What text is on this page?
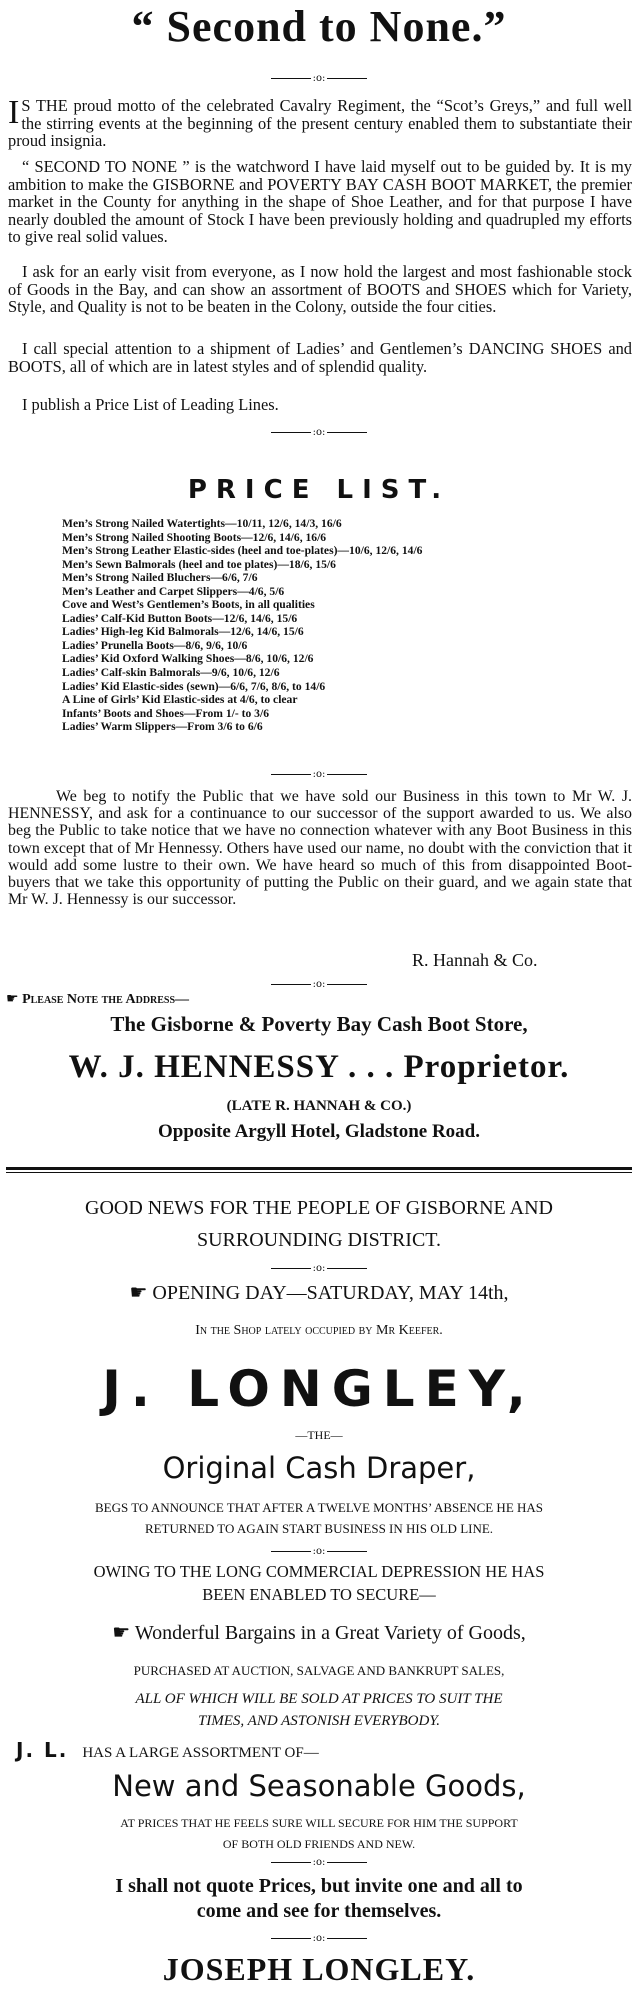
“ Second to None.”
:o:
I S THE proud motto of the celebrated Cavalry Regiment, the “Scot’s Greys,” and full well the stirring events at the beginning of the present century enabled them to substantiate their proud insignia.
“ SECOND TO NONE ” is the watchword I have laid myself out to be guided by. It is my ambition to make the GISBORNE and POVERTY BAY CASH BOOT MARKET, the premier market in the County for anything in the shape of Shoe Leather, and for that purpose I have nearly doubled the amount of Stock I have been previously holding and quadrupled my efforts to give real solid values.
I ask for an early visit from everyone, as I now hold the largest and most fashionable stock of Goods in the Bay, and can show an assortment of BOOTS and SHOES which for Variety, Style, and Quality is not to be beaten in the Colony, outside the four cities.
I call special attention to a shipment of Ladies’ and Gentlemen’s DANCING SHOES and BOOTS, all of which are in latest styles and of splendid quality.
I publish a Price List of Leading Lines.
:o:
PRICE LIST.
Men’s Strong Nailed Watertights—10/11, 12/6, 14/3, 16/6
Men’s Strong Nailed Shooting Boots—12/6, 14/6, 16/6
Men’s Strong Leather Elastic-sides (heel and toe-plates)—10/6, 12/6, 14/6
Men’s Sewn Balmorals (heel and toe plates)—18/6, 15/6
Men’s Strong Nailed Bluchers—6/6, 7/6
Men’s Leather and Carpet Slippers—4/6, 5/6
Cove and West’s Gentlemen’s Boots, in all qualities
Ladies’ Calf-Kid Button Boots—12/6, 14/6, 15/6
Ladies’ High-leg Kid Balmorals—12/6, 14/6, 15/6
Ladies’ Prunella Boots—8/6, 9/6, 10/6
Ladies’ Kid Oxford Walking Shoes—8/6, 10/6, 12/6
Ladies’ Calf-skin Balmorals—9/6, 10/6, 12/6
Ladies’ Kid Elastic-sides (sewn)—6/6, 7/6, 8/6, to 14/6
A Line of Girls’ Kid Elastic-sides at 4/6, to clear
Infants’ Boots and Shoes—From 1/- to 3/6
Ladies’ Warm Slippers—From 3/6 to 6/6
:o:
We beg to notify the Public that we have sold our Business in this town to Mr W. J. HENNESSY, and ask for a continuance to our successor of the support awarded to us. We also beg the Public to take notice that we have no connection whatever with any Boot Business in this town except that of Mr Hennessy. Others have used our name, no doubt with the conviction that it would add some lustre to their own. We have heard so much of this from disappointed Boot-buyers that we take this opportunity of putting the Public on their guard, and we again state that Mr W. J. Hennessy is our successor.
R. Hannah & Co.
:o:
☛ Please Note the Address—
The Gisborne & Poverty Bay Cash Boot Store,
W. J. HENNESSY . . . Proprietor.
(LATE R. HANNAH & CO.)
Opposite Argyll Hotel, Gladstone Road.
GOOD NEWS FOR THE PEOPLE OF GISBORNE AND
SURROUNDING DISTRICT.
:o:
☛ OPENING DAY—SATURDAY, MAY 14th,
In the Shop lately occupied by Mr Keefer.
J. LONGLEY,
—THE—
Original Cash Draper,
BEGS TO ANNOUNCE THAT AFTER A TWELVE MONTHS’ ABSENCE HE HAS
RETURNED TO AGAIN START BUSINESS IN HIS OLD LINE.
:o:
OWING TO THE LONG COMMERCIAL DEPRESSION HE HAS
BEEN ENABLED TO SECURE—
☛ Wonderful Bargains in a Great Variety of Goods,
PURCHASED AT AUCTION, SALVAGE AND BANKRUPT SALES,
ALL OF WHICH WILL BE SOLD AT PRICES TO SUIT THE
TIMES, AND ASTONISH EVERYBODY.
J. L. HAS A LARGE ASSORTMENT OF—
New and Seasonable Goods,
AT PRICES THAT HE FEELS SURE WILL SECURE FOR HIM THE SUPPORT
OF BOTH OLD FRIENDS AND NEW.
:o:
I shall not quote Prices, but invite one and all to
come and see for themselves.
:o:
JOSEPH LONGLEY.
